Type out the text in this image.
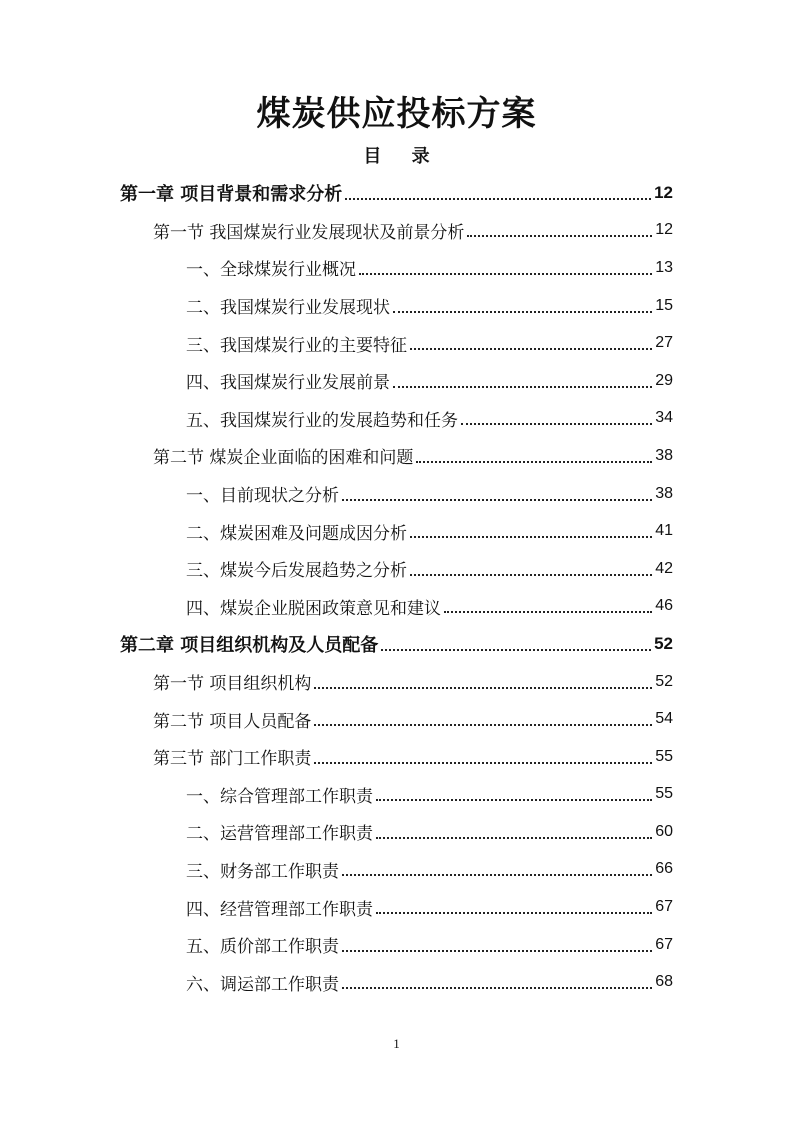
煤炭供应投标方案
目 录
第一章 项目背景和需求分析	12
第一节 我国煤炭行业发展现状及前景分析	12
一、全球煤炭行业概况	13
二、我国煤炭行业发展现状	15
三、我国煤炭行业的主要特征	27
四、我国煤炭行业发展前景	29
五、我国煤炭行业的发展趋势和任务	34
第二节 煤炭企业面临的困难和问题	38
一、目前现状之分析	38
二、煤炭困难及问题成因分析	41
三、煤炭今后发展趋势之分析	42
四、煤炭企业脱困政策意见和建议	46
第二章 项目组织机构及人员配备	52
第一节 项目组织机构	52
第二节 项目人员配备	54
第三节 部门工作职责	55
一、综合管理部工作职责	55
二、运营管理部工作职责	60
三、财务部工作职责	66
四、经营管理部工作职责	67
五、质价部工作职责	67
六、调运部工作职责	68
1
